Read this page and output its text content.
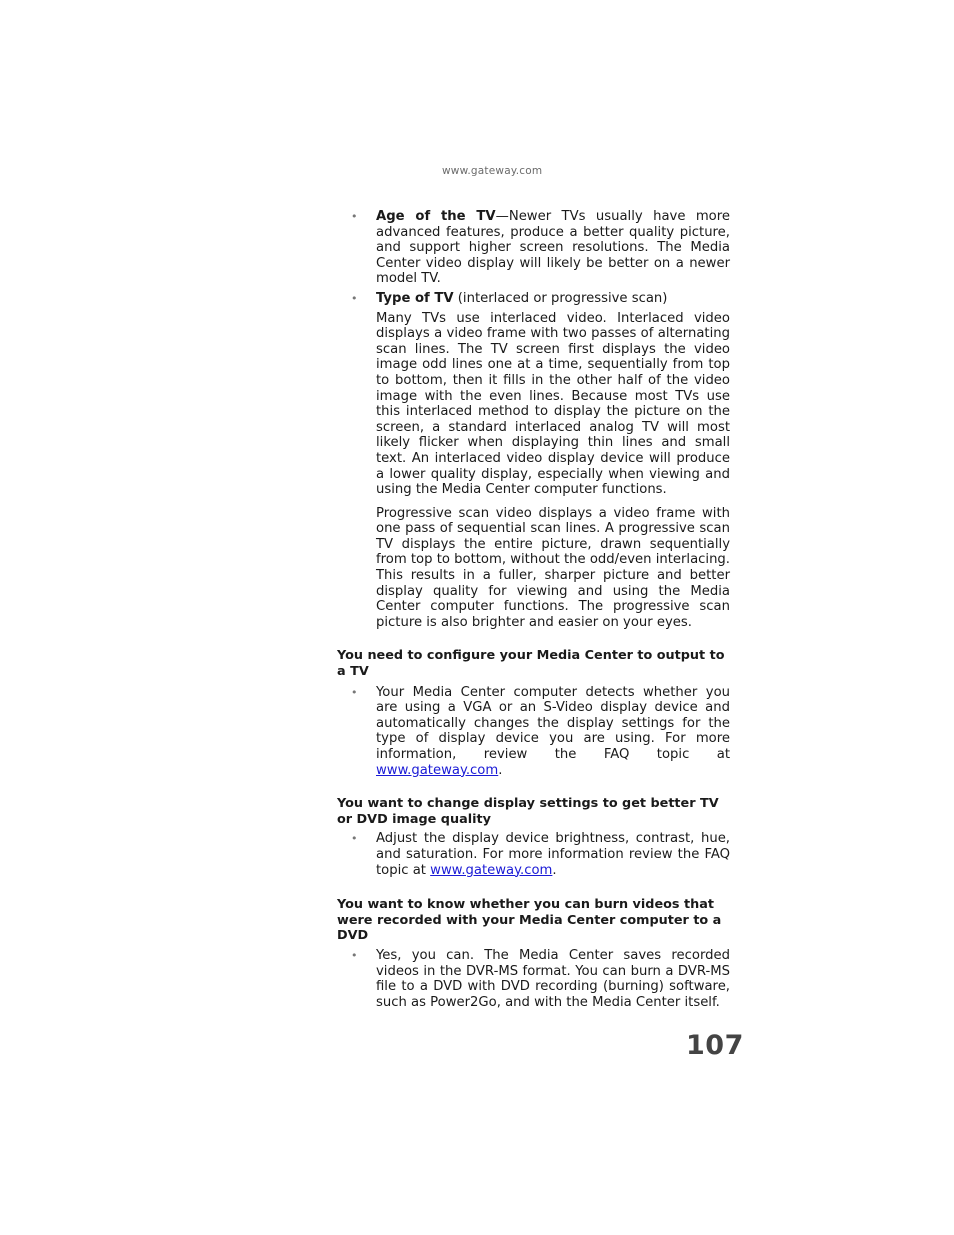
www.gateway.com
• Age of the TV—Newer TVs usually have more advanced features, produce a better quality picture, and support higher screen resolutions. The Media Center video display will likely be better on a newer model TV.

• Type of TV (interlaced or progressive scan)

Many TVs use interlaced video. Interlaced video displays a video frame with two passes of alternating scan lines. The TV screen first displays the video image odd lines one at a time, sequentially from top to bottom, then it fills in the other half of the video image with the even lines. Because most TVs use this interlaced method to display the picture on the screen, a standard interlaced analog TV will most likely flicker when displaying thin lines and small text. An interlaced video display device will produce a lower quality display, especially when viewing and using the Media Center computer functions.

Progressive scan video displays a video frame with one pass of sequential scan lines. A progressive scan TV displays the entire picture, drawn sequentially from top to bottom, without the odd/even interlacing. This results in a fuller, sharper picture and better display quality for viewing and using the Media Center computer functions. The progressive scan picture is also brighter and easier on your eyes.

You need to configure your Media Center to output to a TV

• Your Media Center computer detects whether you are using a VGA or an S-Video display device and automatically changes the display settings for the type of display device you are using. For more information, review the FAQ topic at www.gateway.com.

You want to change display settings to get better TV or DVD image quality

• Adjust the display device brightness, contrast, hue, and saturation. For more information review the FAQ topic at www.gateway.com.

You want to know whether you can burn videos that were recorded with your Media Center computer to a DVD

• Yes, you can. The Media Center saves recorded videos in the DVR-MS format. You can burn a DVR-MS file to a DVD with DVD recording (burning) software, such as Power2Go, and with the Media Center itself.

107
